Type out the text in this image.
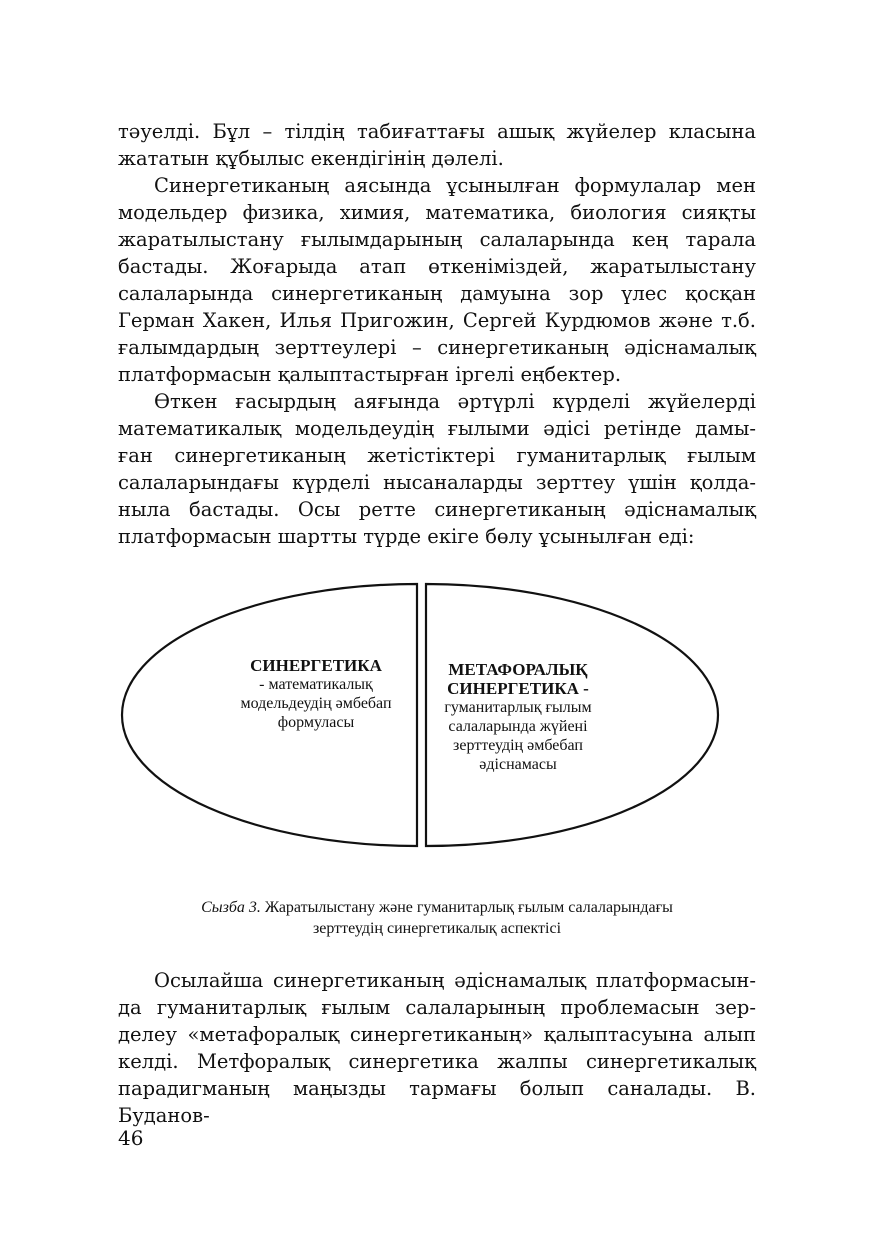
тәуелді. Бұл – тілдің табиғаттағы ашық жүйелер класына
жататын құбылыс екендігінің дәлелі.

Синергетиканың аясында ұсынылған формулалар мен
модельдер физика, химия, математика, биология сияқты
жаратылыстану ғылымдарының салаларында кең тарала
бастады. Жоғарыда атап өткеніміздей, жаратылыстану
салаларында синергетиканың дамуына зор үлес қосқан
Герман Хакен, Илья Пригожин, Сергей Курдюмов және т.б.
ғалымдардың зерттеулері – синергетиканың әдіснамалық
платформасын қалыптастырған іргелі еңбектер.

Өткен ғасырдың аяғында әртүрлі күрделі жүйелерді
математикалық модельдеудің ғылыми әдісі ретінде дамы-
ған синергетиканың жетістіктері гуманитарлық ғылым
салаларындағы күрделі нысаналарды зерттеу үшін қолда-
ныла бастады. Осы ретте синергетиканың әдіснамалық
платформасын шартты түрде екіге бөлу ұсынылған еді:

СИНЕРГЕТИКА
- математикалық
модельдеудің әмбебап
формуласы
МЕТАФОРАЛЫҚ
СИНЕРГЕТИКА -
гуманитарлық ғылым
салаларында жүйені
зерттеудің әмбебап
әдіснамасы
Сызба 3. Жаратылыстану және гуманитарлық ғылым салаларындағы
зерттеудің синергетикалық аспектісі

Осылайша синергетиканың әдіснамалық платформасын-
да гуманитарлық ғылым салаларының проблемасын зер-
делеу «метафоралық синергетиканың» қалыптасуына алып
келді. Метфоралық синергетика жалпы синергетикалық
парадигманың маңызды тармағы болып саналады. В. Буданов-

46
